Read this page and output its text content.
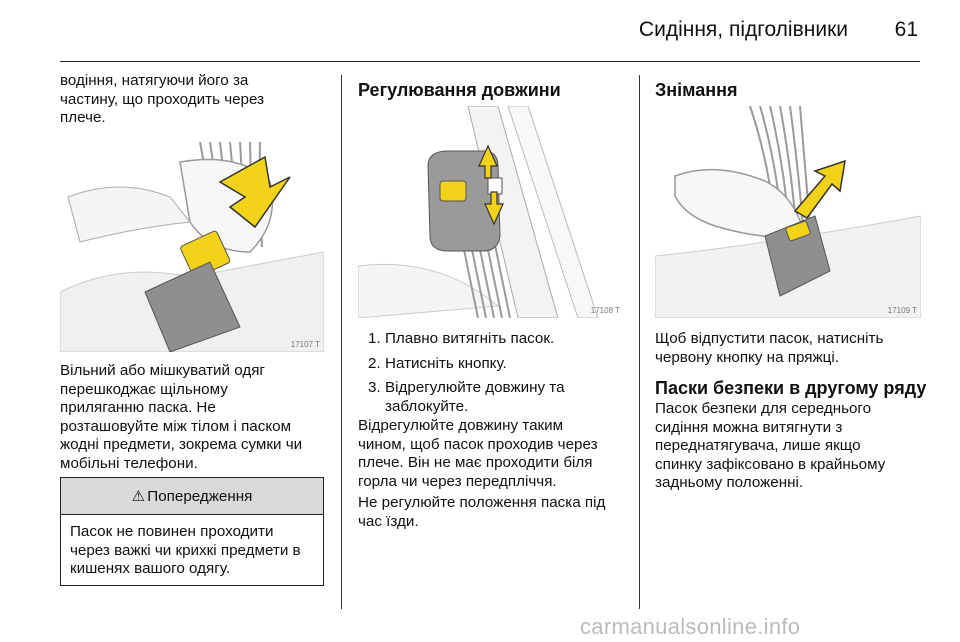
Сидіння, підголівники 61
водіння, натягуючи його за
частину, що проходить через
плече.
17107 T
Вільний або мішкуватий одяг
перешкоджає щільному
приляганню паска. Не
розташовуйте між тілом і паском
жодні предмети, зокрема сумки чи
мобільні телефони.
⚠ Попередження
Пасок не повинен проходити
через важкі чи крихкі предмети в
кишенях вашого одягу.
Регулювання довжини
17108 T
1. Плавно витягніть пасок.
2. Натисніть кнопку.
3. Відрегулюйте довжину та
заблокуйте.
Відрегулюйте довжину таким
чином, щоб пасок проходив через
плече. Він не має проходити біля
горла чи через передпліччя.
Не регулюйте положення паска під
час їзди.
Знімання
17109 T
Щоб відпустити пасок, натисніть
червону кнопку на пряжці.
Паски безпеки в другому ряду
Пасок безпеки для середнього
сидіння можна витягнути з
переднатягувача, лише якщо
спинку зафіксовано в крайньому
задньому положенні.
carmanualsonline.info
